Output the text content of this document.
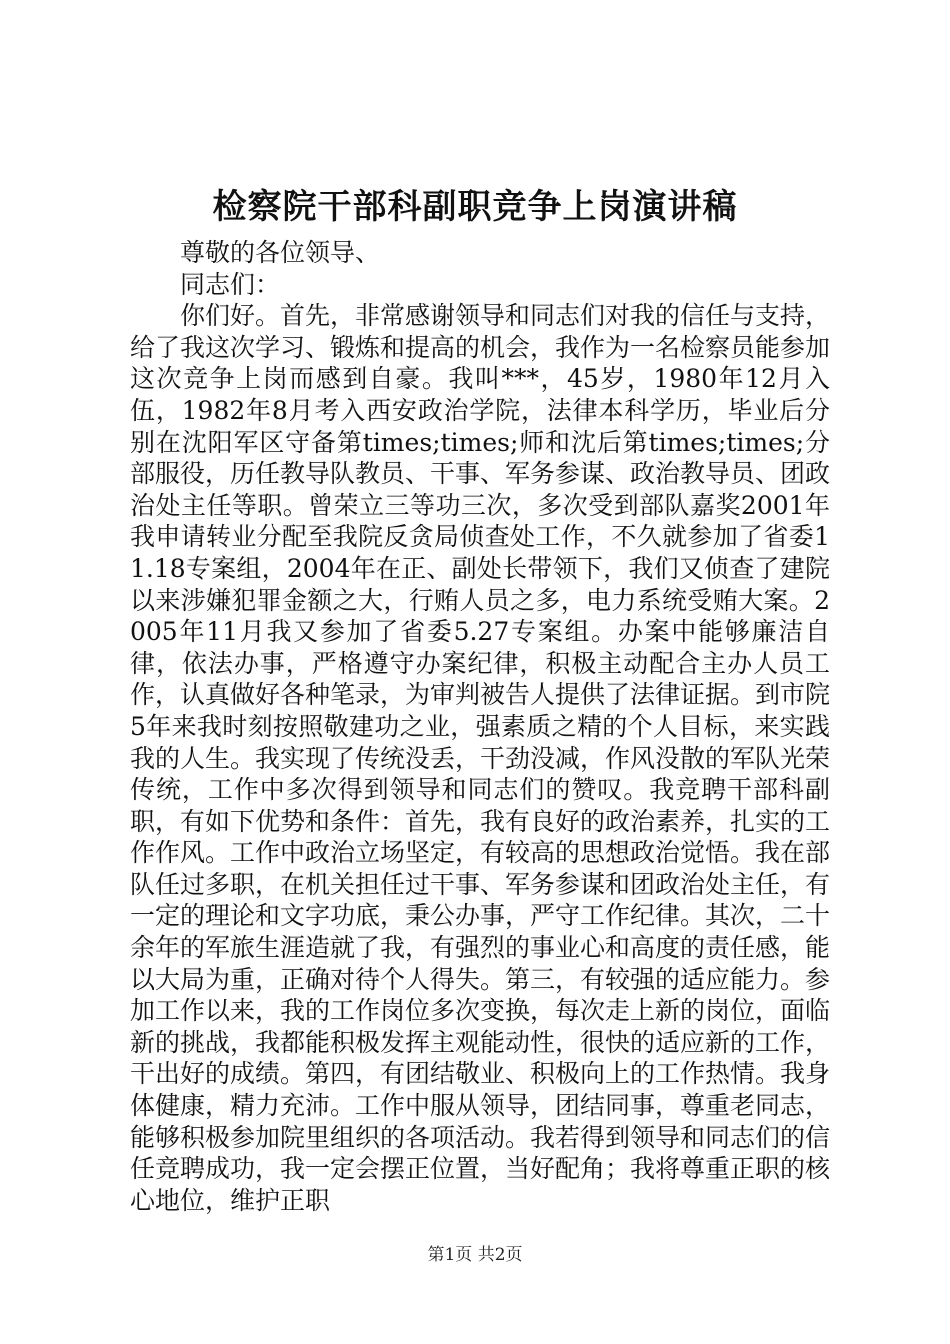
检察院干部科副职竞争上岗演讲稿

尊敬的各位领导、

同志们：

你们好。首先，非常感谢领导和同志们对我的信任与支持，给了我这次学习、锻炼和提高的机会，我作为一名检察员能参加这次竞争上岗而感到自豪。我叫***，45岁，1980年12月入伍，1982年8月考入西安政治学院，法律本科学历，毕业后分别在沈阳军区守备第times;times;师和沈后第times;times;分部服役，历任教导队教员、干事、军务参谋、政治教导员、团政治处主任等职。曾荣立三等功三次，多次受到部队嘉奖2001年我申请转业分配至我院反贪局侦查处工作，不久就参加了省委11.18专案组，2004年在正、副处长带领下，我们又侦查了建院以来涉嫌犯罪金额之大，行贿人员之多，电力系统受贿大案。2005年11月我又参加了省委5.27专案组。办案中能够廉洁自律，依法办事，严格遵守办案纪律，积极主动配合主办人员工作，认真做好各种笔录，为审判被告人提供了法律证据。到市院5年来我时刻按照敬建功之业，强素质之精的个人目标，来实践我的人生。我实现了传统没丢，干劲没减，作风没散的军队光荣传统，工作中多次得到领导和同志们的赞叹。我竞聘干部科副职，有如下优势和条件：首先，我有良好的政治素养，扎实的工作作风。工作中政治立场坚定，有较高的思想政治觉悟。我在部队任过多职，在机关担任过干事、军务参谋和团政治处主任，有一定的理论和文字功底，秉公办事，严守工作纪律。其次，二十余年的军旅生涯造就了我，有强烈的事业心和高度的责任感，能以大局为重，正确对待个人得失。第三，有较强的适应能力。参加工作以来，我的工作岗位多次变换，每次走上新的岗位，面临新的挑战，我都能积极发挥主观能动性，很快的适应新的工作，干出好的成绩。第四，有团结敬业、积极向上的工作热情。我身体健康，精力充沛。工作中服从领导，团结同事，尊重老同志，能够积极参加院里组织的各项活动。我若得到领导和同志们的信任竞聘成功，我一定会摆正位置，当好配角；我将尊重正职的核心地位，维护正职

第1页 共2页
